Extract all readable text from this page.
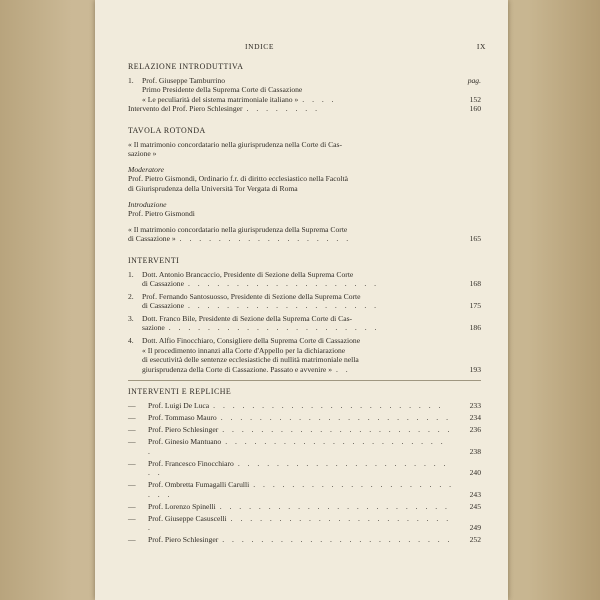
INDICE	IX
RELAZIONE INTRODUTTIVA
1. Prof. Giuseppe Tamburrino	pag.
Primo Presidente della Suprema Corte di Cassazione
« Le peculiarità del sistema matrimoniale italiano » . . . .	152
Intervento del Prof. Piero Schlesinger . . . . . . . .	160
TAVOLA ROTONDA
« Il matrimonio concordatario nella giurisprudenza nella Corte di Cas-
sazione »
Moderatore
Prof. Pietro Gismondi, Ordinario f.r. di diritto ecclesiastico nella Facoltà
di Giurisprudenza della Università Tor Vergata di Roma
Introduzione
Prof. Pietro Gismondi
« Il matrimonio concordatario nella giurisprudenza della Suprema Corte
di Cassazione » . . . . . . . . . . . . . . . . . .	165
INTERVENTI
1. Dott. Antonio Brancaccio, Presidente di Sezione della Suprema Corte
di Cassazione . . . . . . . . . . . . . . . . . . . .	168
2. Prof. Fernando Santosuosso, Presidente di Sezione della Suprema Corte
di Cassazione . . . . . . . . . . . . . . . . . . . .	175
3. Dott. Franco Bile, Presidente di Sezione della Suprema Corte di Cas-
sazione . . . . . . . . . . . . . . . . . . . . . .	186
4. Dott. Alfio Finocchiaro, Consigliere della Suprema Corte di Cassazione
« Il procedimento innanzi alla Corte d'Appello per la dichiarazione
di esecutività delle sentenze ecclesiastiche di nullità matrimoniale nella
giurisprudenza della Corte di Cassazione. Passato e avvenire » . .	193
INTERVENTI E REPLICHE
— Prof. Luigi De Luca . . . . . . . . . . . . . . . . . . . . . . . .	233
— Prof. Tommaso Mauro . . . . . . . . . . . . . . . . . . . . . . . . 234
— Prof. Piero Schlesinger . . . . . . . . . . . . . . . . . . . . . . . . 236
— Prof. Ginesio Mantuano . . . . . . . . . . . . . . . . . . . . . . . .	238
— Prof. Francesco Finocchiaro . . . . . . . . . . . . . . . . . . . . . . . .	240
— Prof. Ombretta Fumagalli Carulli . . . . . . . . . . . . . . . . . . . . . . . .	243
— Prof. Lorenzo Spinelli . . . . . . . . . . . . . . . . . . . . . . . .	245
— Prof. Giuseppe Casuscelli . . . . . . . . . . . . . . . . . . . . . . . .	249
— Prof. Piero Schlesinger . . . . . . . . . . . . . . . . . . . . . . . . 252
